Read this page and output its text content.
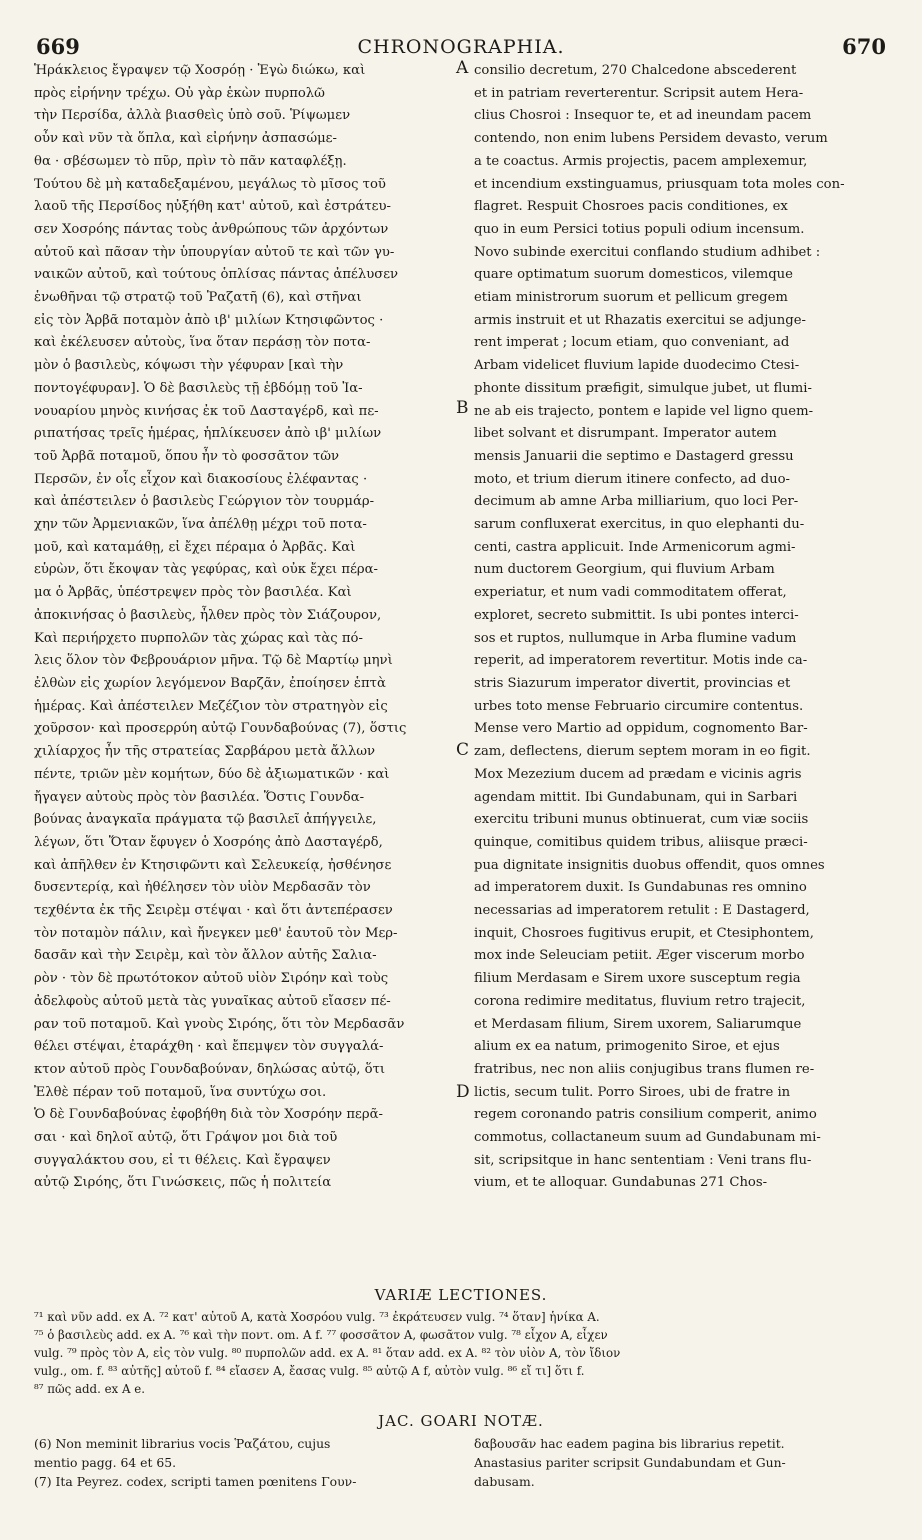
669	CHRONOGRAPHIA.	670
Ἡράκλειος ἔγραψεν τῷ Χοσρόῃ · Ἐγὼ διώκω, καὶ
πρὸς εἰρήνην τρέχω. Οὐ γὰρ ἑκὼν πυρπολῶ
τὴν Περσίδα, ἀλλὰ βιασθεὶς ὑπὸ σοῦ. Ῥίψωμεν
οὖν καὶ νῦν τὰ ὅπλα, καὶ εἰρήνην ἀσπασώμε-
θα · σβέσωμεν τὸ πῦρ, πρὶν τὸ πᾶν καταφλέξῃ.
Τούτου δὲ μὴ καταδεξαμένου, μεγάλως τὸ μῖσος τοῦ
λαοῦ τῆς Περσίδος ηὐξήθη κατ' αὐτοῦ, καὶ ἐστράτευ-
σεν Χοσρόης πάντας τοὺς ἀνθρώπους τῶν ἀρχόντων
αὐτοῦ καὶ πᾶσαν τὴν ὑπουργίαν αὐτοῦ τε καὶ τῶν γυ-
ναικῶν αὐτοῦ, καὶ τούτους ὁπλίσας πάντας ἀπέλυσεν
ἑνωθῆναι τῷ στρατῷ τοῦ Ῥαζατῆ (6), καὶ στῆναι
εἰς τὸν Ἀρβᾶ ποταμὸν ἀπὸ ιβ' μιλίων Κτησιφῶντος ·
καὶ ἐκέλευσεν αὐτοὺς, ἵνα ὅταν περάσῃ τὸν ποτα-
μὸν ὁ βασιλεὺς, κόψωσι τὴν γέφυραν [καὶ τὴν
ποντογέφυραν]. Ὁ δὲ βασιλεὺς τῇ ἑβδόμῃ τοῦ Ἰα-
νουαρίου μηνὸς κινήσας ἐκ τοῦ Δασταγέρδ, καὶ πε-
ριπατήσας τρεῖς ἡμέρας, ἡπλίκευσεν ἀπὸ ιβ' μιλίων
τοῦ Ἀρβᾶ ποταμοῦ, ὅπου ἦν τὸ φοσσᾶτον τῶν
Περσῶν, ἐν οἷς εἶχον καὶ διακοσίους ἐλέφαντας ·
καὶ ἀπέστειλεν ὁ βασιλεὺς Γεώργιον τὸν τουρμάρ-
χην τῶν Ἀρμενιακῶν, ἵνα ἀπέλθῃ μέχρι τοῦ ποτα-
μοῦ, καὶ καταμάθῃ, εἰ ἔχει πέραμα ὁ Ἀρβᾶς. Καὶ
εὑρὼν, ὅτι ἔκοψαν τὰς γεφύρας, καὶ οὐκ ἔχει πέρα-
μα ὁ Ἀρβᾶς, ὑπέστρεψεν πρὸς τὸν βασιλέα. Καὶ
ἀποκινήσας ὁ βασιλεὺς, ἦλθεν πρὸς τὸν Σιάζουρον,
Καὶ περιήρχετο πυρπολῶν τὰς χώρας καὶ τὰς πό-
λεις ὅλον τὸν Φεβρουάριον μῆνα. Τῷ δὲ Μαρτίῳ μηνὶ
ἐλθὼν εἰς χωρίον λεγόμενον Βαρζᾶν, ἐποίησεν ἑπτὰ
ἡμέρας. Καὶ ἀπέστειλεν Μεζέζιον τὸν στρατηγὸν εἰς
χοῦρσον· καὶ προσερρύη αὐτῷ Γουνδαβούνας (7), ὅστις
χιλίαρχος ἦν τῆς στρατείας Σαρβάρου μετὰ ἄλλων
πέντε, τριῶν μὲν κομήτων, δύο δὲ ἀξιωματικῶν · καὶ
ἤγαγεν αὐτοὺς πρὸς τὸν βασιλέα. Ὅστις Γουνδα-
βούνας ἀναγκαῖα πράγματα τῷ βασιλεῖ ἀπήγγειλε,
λέγων, ὅτι Ὅταν ἔφυγεν ὁ Χοσρόης ἀπὸ Δασταγέρδ,
καὶ ἀπῆλθεν ἐν Κτησιφῶντι καὶ Σελευκείᾳ, ἠσθένησε
δυσεντερίᾳ, καὶ ἠθέλησεν τὸν υἱὸν Μερδασᾶν τὸν
τεχθέντα ἐκ τῆς Σειρὲμ στέψαι · καὶ ὅτι ἀντεπέρασεν
τὸν ποταμὸν πάλιν, καὶ ἤνεγκεν μεθ' ἑαυτοῦ τὸν Μερ-
δασᾶν καὶ τὴν Σειρὲμ, καὶ τὸν ἄλλον αὐτῆς Σαλια-
ρὸν · τὸν δὲ πρωτότοκον αὐτοῦ υἱὸν Σιρόην καὶ τοὺς
ἀδελφοὺς αὐτοῦ μετὰ τὰς γυναῖκας αὐτοῦ εἴασεν πέ-
ραν τοῦ ποταμοῦ. Καὶ γνοὺς Σιρόης, ὅτι τὸν Μερδασᾶν
θέλει στέψαι, ἐταράχθη · καὶ ἔπεμψεν τὸν συγγαλά-
κτον αὐτοῦ πρὸς Γουνδαβούναν, δηλώσας αὐτῷ, ὅτι
Ἐλθὲ πέραν τοῦ ποταμοῦ, ἵνα συντύχω σοι.
Ὁ δὲ Γουνδαβούνας ἐφοβήθη διὰ τὸν Χοσρόην περᾶ-
σαι · καὶ δηλοῖ αὐτῷ, ὅτι Γράψον μοι διὰ τοῦ
συγγαλάκτου σου, εἰ τι θέλεις. Καὶ ἔγραψεν
αὐτῷ Σιρόης, ὅτι Γινώσκεις, πῶς ἡ πολιτεία
A
B
C
D
consilio decretum, 270 Chalcedone abscederent
et in patriam reverterentur. Scripsit autem Hera-
clius Chosroi : Insequor te, et ad ineundam pacem
contendo, non enim lubens Persidem devasto, verum
a te coactus. Armis projectis, pacem amplexemur,
et incendium exstinguamus, priusquam tota moles con-
flagret. Respuit Chosroes pacis conditiones, ex
quo in eum Persici totius populi odium incensum.
Novo subinde exercitui conflando studium adhibet :
quare optimatum suorum domesticos, vilemque
etiam ministrorum suorum et pellicum gregem
armis instruit et ut Rhazatis exercitui se adjunge-
rent imperat ; locum etiam, quo conveniant, ad
Arbam videlicet fluvium lapide duodecimo Ctesi-
phonte dissitum præfigit, simulque jubet, ut flumi-
ne ab eis trajecto, pontem e lapide vel ligno quem-
libet solvant et disrumpant. Imperator autem
mensis Januarii die septimo e Dastagerd gressu
moto, et trium dierum itinere confecto, ad duo-
decimum ab amne Arba milliarium, quo loci Per-
sarum confluxerat exercitus, in quo elephanti du-
centi, castra applicuit. Inde Armenicorum agmi-
num ductorem Georgium, qui fluvium Arbam
experiatur, et num vadi commoditatem offerat,
exploret, secreto submittit. Is ubi pontes interci-
sos et ruptos, nullumque in Arba flumine vadum
reperit, ad imperatorem revertitur. Motis inde ca-
stris Siazurum imperator divertit, provincias et
urbes toto mense Februario circumire contentus.
Mense vero Martio ad oppidum, cognomento Bar-
zam, deflectens, dierum septem moram in eo figit.
Mox Mezezium ducem ad prædam e vicinis agris
agendam mittit. Ibi Gundabunam, qui in Sarbari
exercitu tribuni munus obtinuerat, cum viæ sociis
quinque, comitibus quidem tribus, aliisque præci-
pua dignitate insignitis duobus offendit, quos omnes
ad imperatorem duxit. Is Gundabunas res omnino
necessarias ad imperatorem retulit : E Dastagerd,
inquit, Chosroes fugitivus erupit, et Ctesiphontem,
mox inde Seleuciam petiit. Æger viscerum morbo
filium Merdasam e Sirem uxore susceptum regia
corona redimire meditatus, fluvium retro trajecit,
et Merdasam filium, Sirem uxorem, Saliarumque
alium ex ea natum, primogenito Siroe, et ejus
fratribus, nec non aliis conjugibus trans flumen re-
lictis, secum tulit. Porro Siroes, ubi de fratre in
regem coronando patris consilium comperit, animo
commotus, collactaneum suum ad Gundabunam mi-
sit, scripsitque in hanc sententiam : Veni trans flu-
vium, et te alloquar. Gundabunas 271 Chos-
VARIÆ LECTIONES.
⁷¹ καὶ νῦν add. ex A. ⁷² κατ' αὐτοῦ A, κατὰ Χοσρόου vulg. ⁷³ ἐκράτευσεν vulg. ⁷⁴ ὅταν] ἡνίκα A.
⁷⁵ ὁ βασιλεὺς add. ex A. ⁷⁶ καὶ τὴν ποντ. om. A f. ⁷⁷ φοσσᾶτον A, φωσᾶτον vulg. ⁷⁸ εἶχον A, εἶχεν
vulg. ⁷⁹ πρὸς τὸν A, εἰς τὸν vulg. ⁸⁰ πυρπολῶν add. ex A. ⁸¹ ὅταν add. ex A. ⁸² τὸν υἱὸν A, τὸν ἴδιον
vulg., om. f. ⁸³ αὐτῆς] αὐτοῦ f. ⁸⁴ εἴασεν A, ἔασας vulg. ⁸⁵ αὐτῷ A f, αὐτὸν vulg. ⁸⁶ εἴ τι] ὅτι f.
⁸⁷ πῶς add. ex A e.
JAC. GOARI NOTÆ.
(6) Non meminit librarius vocis Ῥαζάτου, cujus
mentio pagg. 64 et 65.
(7) Ita Peyrez. codex, scripti tamen pœnitens Γουν-
δαβουσᾶν hac eadem pagina bis librarius repetit.
Anastasius pariter scripsit Gundabundam et Gun-
dabusam.
